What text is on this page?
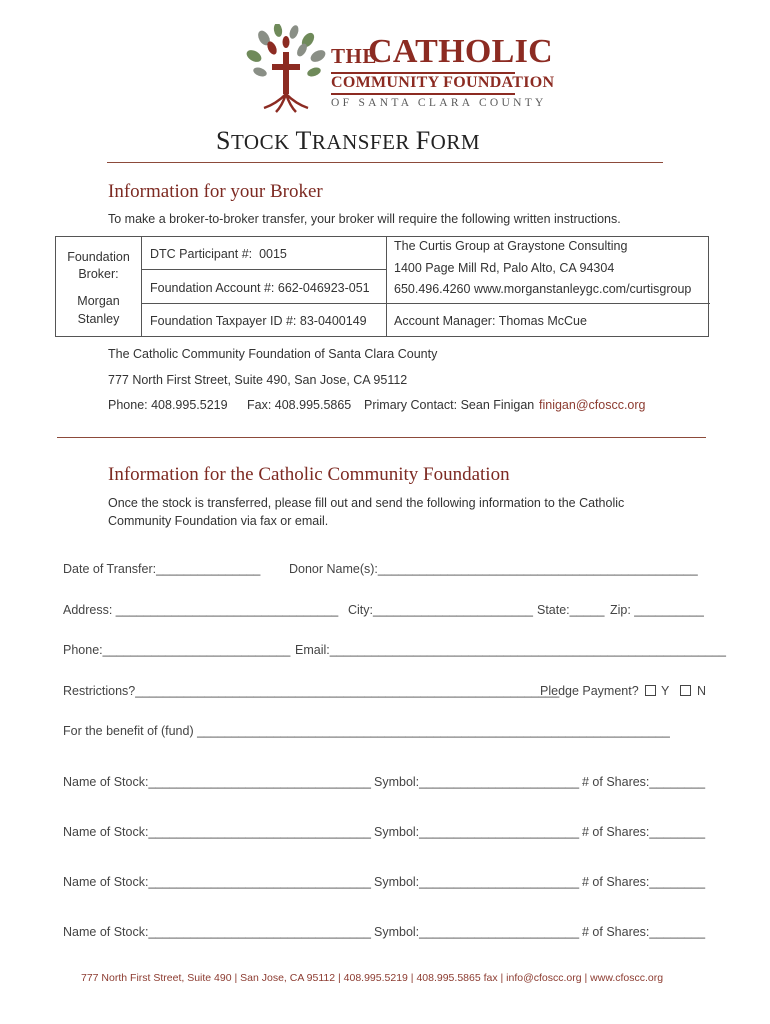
THE
CATHOLIC
COMMUNITY FOUNDATION
OF SANTA CLARA COUNTY
STOCK TRANSFER FORM
Information for your Broker
To make a broker-to-broker transfer, your broker will require the following written instructions.
Foundation
Broker:
Morgan
Stanley
DTC Participant #: 0015
Foundation Account #: 662-046923-051
Foundation Taxpayer ID #: 83-0400149
The Curtis Group at Graystone Consulting
1400 Page Mill Rd, Palo Alto, CA 94304
650.496.4260 www.morganstanleygc.com/curtisgroup
Account Manager: Thomas McCue
The Catholic Community Foundation of Santa Clara County
777 North First Street, Suite 490, San Jose, CA 95112
Phone: 408.995.5219 Fax: 408.995.5865 Primary Contact: Sean Finigan finigan@cfoscc.org
Information for the Catholic Community Foundation
Once the stock is transferred, please fill out and send the following information to the Catholic
Community Foundation via fax or email.
Date of Transfer:_______________ Donor Name(s):______________________________________________
Address: ________________________________ City:_______________________ State:_____ Zip: __________
Phone:___________________________ Email:_________________________________________________________
Restrictions?_____________________________________________________________
Pledge Payment? Y N
For the benefit of (fund) ____________________________________________________________________
Name of Stock:________________________________ Symbol:_______________________ # of Shares:________
Name of Stock:________________________________ Symbol:_______________________ # of Shares:________
Name of Stock:________________________________ Symbol:_______________________ # of Shares:________
Name of Stock:________________________________ Symbol:_______________________ # of Shares:________
777 North First Street, Suite 490 | San Jose, CA 95112 | 408.995.5219 | 408.995.5865 fax | info@cfoscc.org | www.cfoscc.org
